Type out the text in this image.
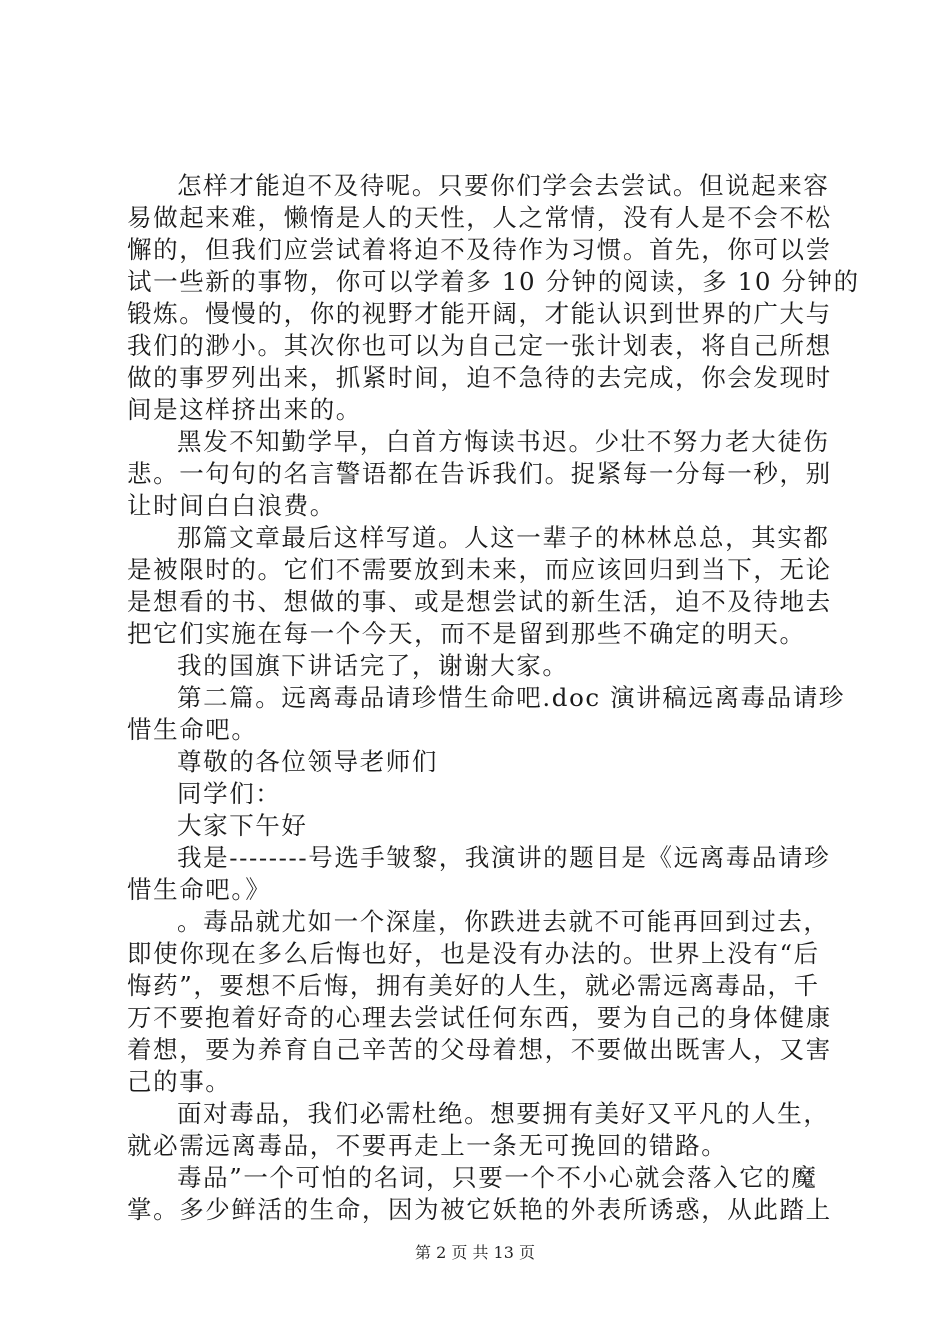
怎样才能迫不及待呢。只要你们学会去尝试。但说起来容
易做起来难，懒惰是人的天性，人之常情，没有人是不会不松
懈的，但我们应尝试着将迫不及待作为习惯。首先，你可以尝
试一些新的事物，你可以学着多 10 分钟的阅读，多 10 分钟的
锻炼。慢慢的，你的视野才能开阔，才能认识到世界的广大与
我们的渺小。其次你也可以为自己定一张计划表，将自己所想
做的事罗列出来，抓紧时间，迫不急待的去完成，你会发现时
间是这样挤出来的。
黑发不知勤学早，白首方悔读书迟。少壮不努力老大徒伤
悲。一句句的名言警语都在告诉我们。捉紧每一分每一秒，别
让时间白白浪费。
那篇文章最后这样写道。人这一辈子的林林总总，其实都
是被限时的。它们不需要放到未来，而应该回归到当下，无论
是想看的书、想做的事、或是想尝试的新生活，迫不及待地去
把它们实施在每一个今天，而不是留到那些不确定的明天。
我的国旗下讲话完了，谢谢大家。
第二篇。远离毒品请珍惜生命吧.doc 演讲稿远离毒品请珍
惜生命吧。
尊敬的各位领导老师们
同学们：
大家下午好
我是--------号选手皱黎，我演讲的题目是《远离毒品请珍
惜生命吧。》
。毒品就尤如一个深崖，你跌进去就不可能再回到过去，
即使你现在多么后悔也好，也是没有办法的。世界上没有“后
悔药”，要想不后悔，拥有美好的人生，就必需远离毒品，千
万不要抱着好奇的心理去尝试任何东西，要为自己的身体健康
着想，要为养育自己辛苦的父母着想，不要做出既害人，又害
己的事。
面对毒品，我们必需杜绝。想要拥有美好又平凡的人生，
就必需远离毒品，不要再走上一条无可挽回的错路。
毒品”一个可怕的名词，只要一个不小心就会落入它的魔
掌。多少鲜活的生命，因为被它妖艳的外表所诱惑，从此踏上
第 2 页 共 13 页
